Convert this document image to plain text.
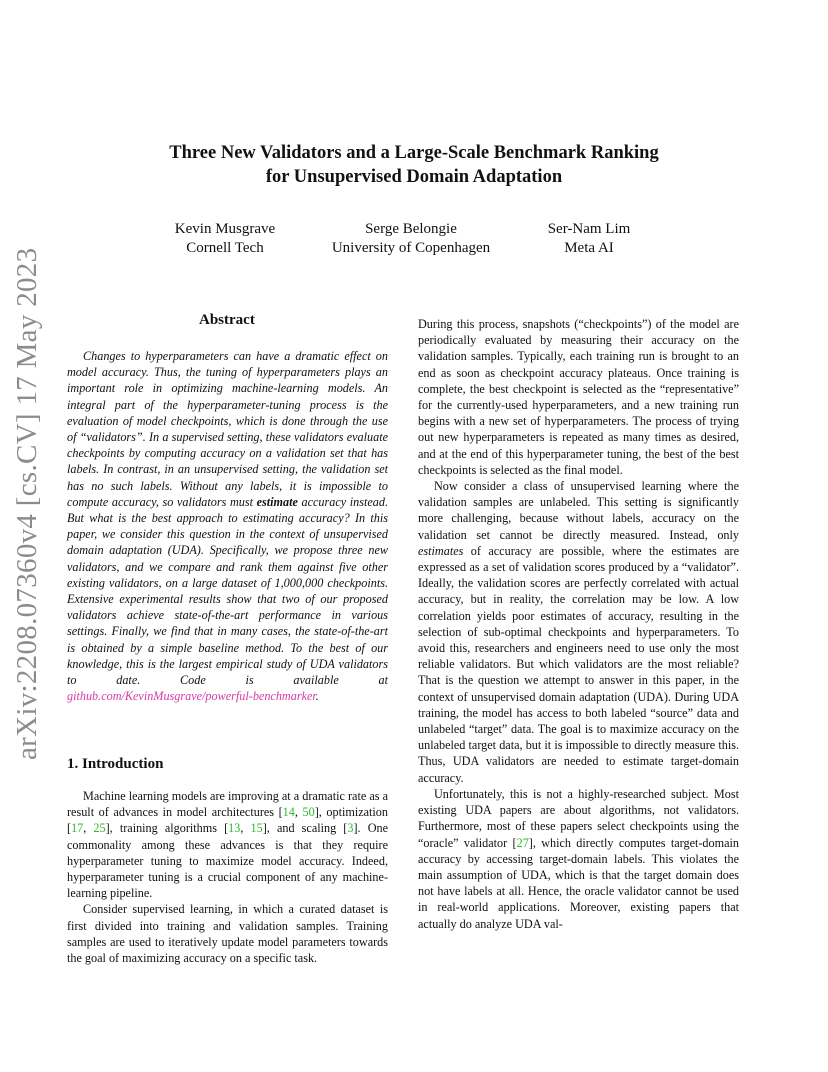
arXiv:2208.07360v4 [cs.CV] 17 May 2023
Three New Validators and a Large-Scale Benchmark Ranking
for Unsupervised Domain Adaptation
Kevin Musgrave
Cornell Tech
Serge Belongie
University of Copenhagen
Ser-Nam Lim
Meta AI
Abstract

Changes to hyperparameters can have a dramatic effect on model accuracy. Thus, the tuning of hyperparameters plays an important role in optimizing machine-learning models. An integral part of the hyperparameter-tuning process is the evaluation of model checkpoints, which is done through the use of “validators”. In a supervised setting, these validators evaluate checkpoints by computing accuracy on a validation set that has labels. In contrast, in an unsupervised setting, the validation set has no such labels. Without any labels, it is impossible to compute accuracy, so validators must estimate accuracy instead. But what is the best approach to estimating accuracy? In this paper, we consider this question in the context of unsupervised domain adaptation (UDA). Specifically, we propose three new validators, and we compare and rank them against five other existing validators, on a large dataset of 1,000,000 checkpoints. Extensive experimental results show that two of our proposed validators achieve state-of-the-art performance in various settings. Finally, we find that in many cases, the state-of-the-art is obtained by a simple baseline method. To the best of our knowledge, this is the largest empirical study of UDA validators to date. Code is available at github.com/KevinMusgrave/powerful-benchmarker.

1. Introduction

Machine learning models are improving at a dramatic rate as a result of advances in model architectures [14, 50], optimization [17, 25], training algorithms [13, 15], and scaling [3]. One commonality among these advances is that they require hyperparameter tuning to maximize model accuracy. Indeed, hyperparameter tuning is a crucial component of any machine-learning pipeline.

Consider supervised learning, in which a curated dataset is first divided into training and validation samples. Training samples are used to iteratively update model parameters towards the goal of maximizing accuracy on a specific task.

During this process, snapshots (“checkpoints”) of the model are periodically evaluated by measuring their accuracy on the validation samples. Typically, each training run is brought to an end as soon as checkpoint accuracy plateaus. Once training is complete, the best checkpoint is selected as the “representative” for the currently-used hyperparameters, and a new training run begins with a new set of hyperparameters. The process of trying out new hyperparameters is repeated as many times as desired, and at the end of this hyperparameter tuning, the best of the best checkpoints is selected as the final model.

Now consider a class of unsupervised learning where the validation samples are unlabeled. This setting is significantly more challenging, because without labels, accuracy on the validation set cannot be directly measured. Instead, only estimates of accuracy are possible, where the estimates are expressed as a set of validation scores produced by a “validator”. Ideally, the validation scores are perfectly correlated with actual accuracy, but in reality, the correlation may be low. A low correlation yields poor estimates of accuracy, resulting in the selection of sub-optimal checkpoints and hyperparameters. To avoid this, researchers and engineers need to use only the most reliable validators. But which validators are the most reliable? That is the question we attempt to answer in this paper, in the context of unsupervised domain adaptation (UDA). During UDA training, the model has access to both labeled “source” data and unlabeled “target” data. The goal is to maximize accuracy on the unlabeled target data, but it is impossible to directly measure this. Thus, UDA validators are needed to estimate target-domain accuracy.

Unfortunately, this is not a highly-researched subject. Most existing UDA papers are about algorithms, not validators. Furthermore, most of these papers select checkpoints using the “oracle” validator [27], which directly computes target-domain accuracy by accessing target-domain labels. This violates the main assumption of UDA, which is that the target domain does not have labels at all. Hence, the oracle validator cannot be used in real-world applications. Moreover, existing papers that actually do analyze UDA val-
